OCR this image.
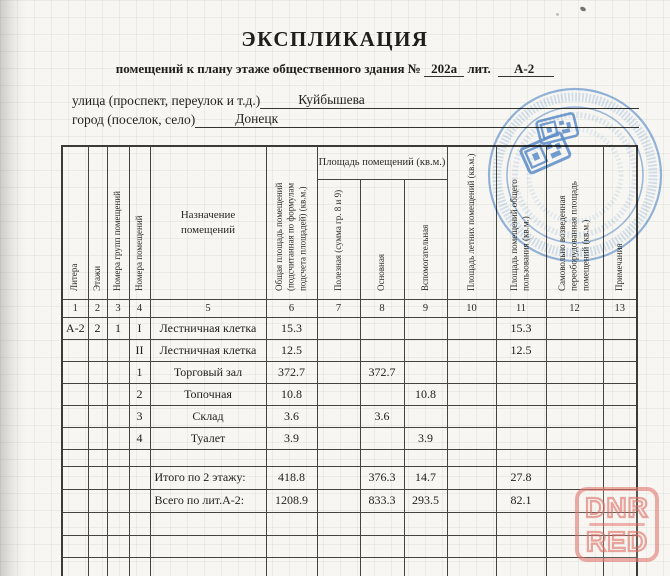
ЭКСПЛИКАЦИЯ
помещений к плану этаже общественного здания № 202а лит. А-2
улица (проспект, переулок и т.д.)	Куйбышева
город (поселок, село)	Донецк
Литера	Этажи	Номера групп помещений	Номера помещений	Назначение помещений	Общая площадь помещений (подсчитанная по формулам подсчета площадей) (кв.м.)	Площадь помещений (кв.м.)			Площадь летних помещений (кв.м.)	Площадь помещений общего пользования (кв.м.)	Самовольно возведенная переоборудованная площадь помещений (кв.м.)	Примечания
						Полезная (сумма гр. 8 и 9)	Основная	Вспомогательная				
1	2	3	4	5	6	7	8	9	10	11	12	13
А-2	2	1	I	Лестничная клетка	15.3					15.3		
			II	Лестничная клетка	12.5					12.5		
			1	Торговый зал	372.7		372.7					
			2	Топочная	10.8			10.8				
			3	Склад	3.6		3.6					
			4	Туалет	3.9			3.9				

				Итого по 2 этажу:	418.8		376.3	14.7		27.8		
				Всего по лит.А-2:	1208.9		833.3	293.5		82.1		

												DNR
RED
